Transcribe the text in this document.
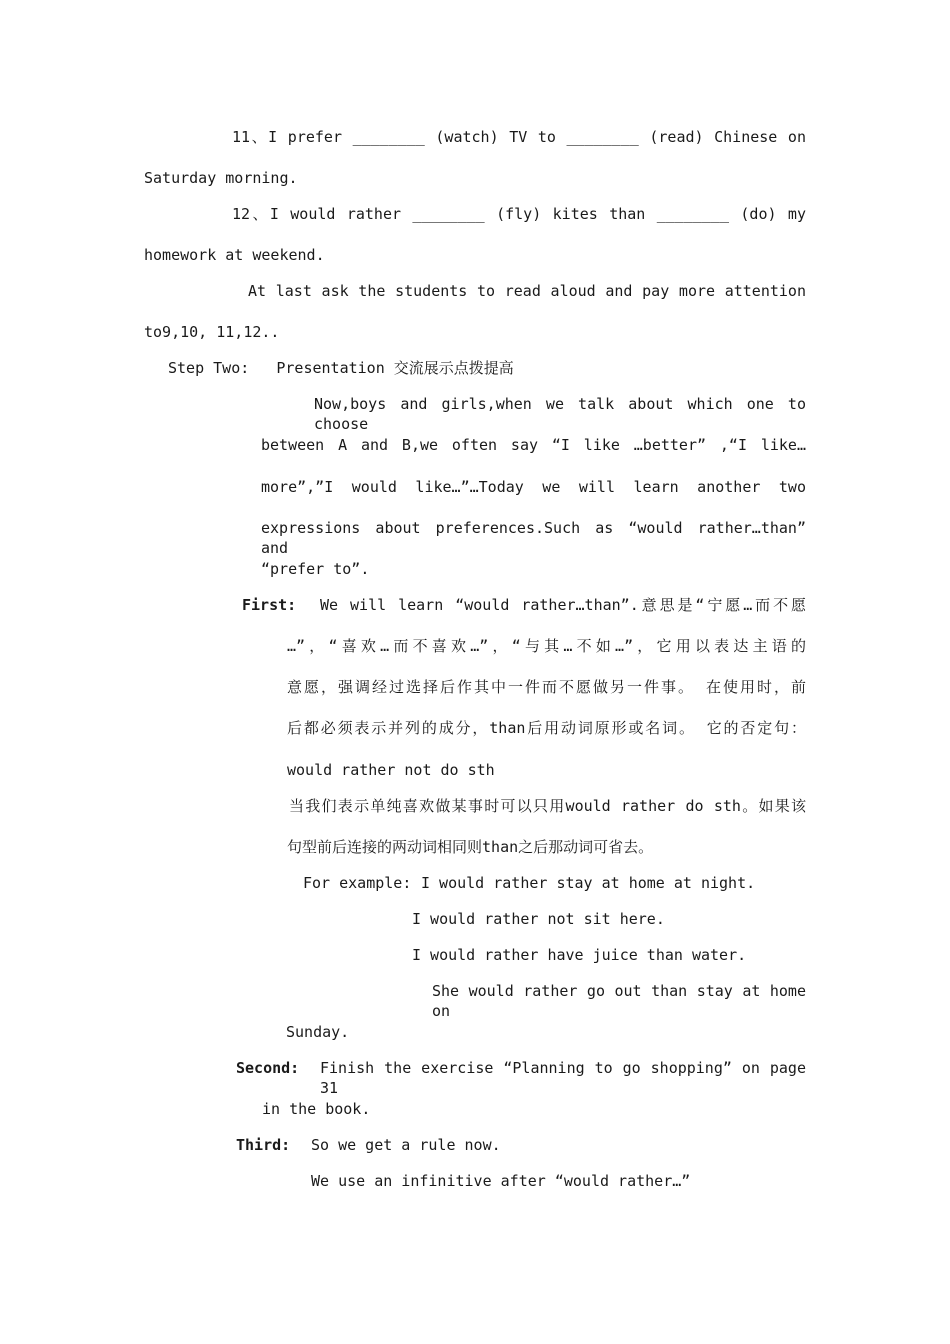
11、I prefer ________ (watch) TV to ________ (read) Chinese on
Saturday morning.
12、I would rather ________ (fly) kites than ________ (do) my
homework at weekend.
At last ask the students to read aloud and pay more attention
to9,10, 11,12..
Step Two:   Presentation 交流展示点拨提高
Now,boys and girls,when we talk about which one to choose
between A and B,we often say “I like …better” ,“I like…
more”,”I would like…”…Today we will learn another two
expressions about preferences.Such as “would rather…than” and
“prefer to”.
First: We will learn “would rather…than”.意思是“宁愿…而不愿
…”，“喜欢…而不喜欢…”，“与其…不如…”，它用以表达主语的
意愿，强调经过选择后作其中一件而不愿做另一件事。 在使用时，前
后都必须表示并列的成分，than后用动词原形或名词。 它的否定句：
would rather not do sth
当我们表示单纯喜欢做某事时可以只用would rather do sth。如果该
句型前后连接的两动词相同则than之后那动词可省去。
For example: I would rather stay at home at night.
I would rather not sit here.
I would rather have juice than water.
She would rather go out than stay at home on
Sunday.
Second: Finish the exercise “Planning to go shopping” on page 31
in the book.
Third: So we get a rule now.
We use an infinitive after “would rather…”
